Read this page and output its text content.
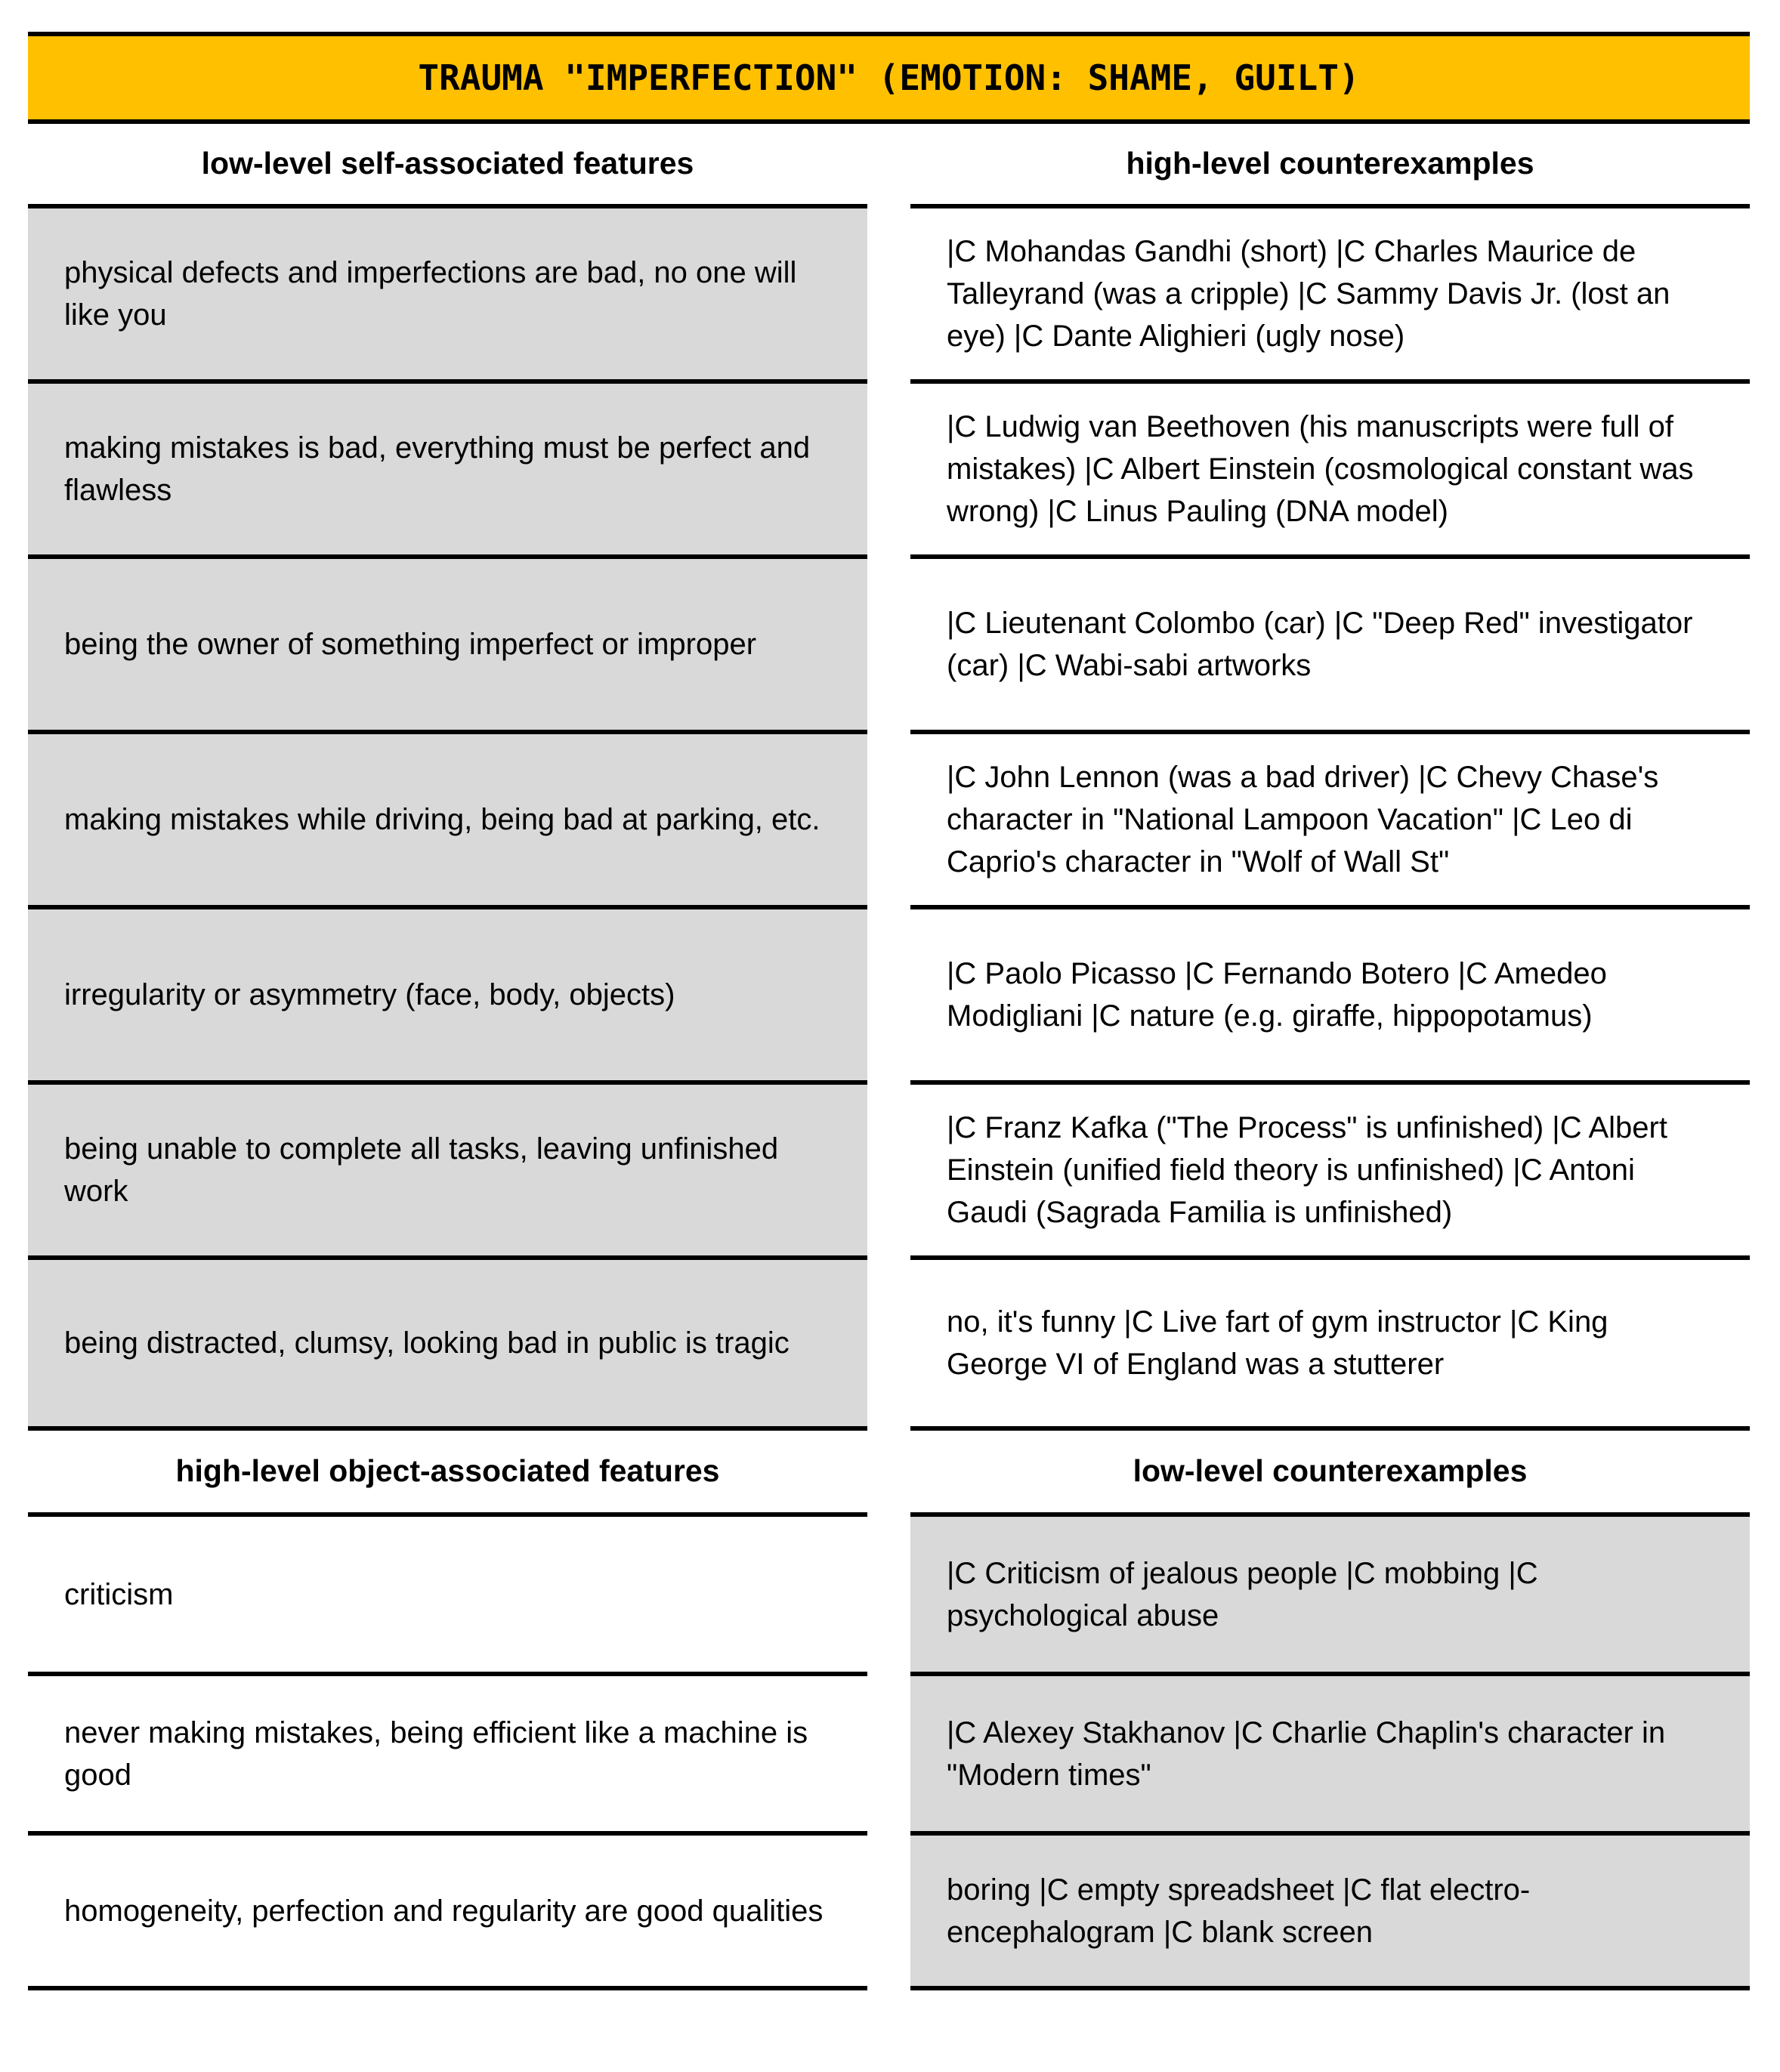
TRAUMA "IMPERFECTION" (EMOTION: SHAME, GUILT)
low-level self-associated features	high-level counterexamples
physical defects and imperfections are bad, no one will like you
|C Mohandas Gandhi (short) |C Charles Maurice de Talleyrand (was a cripple) |C Sammy Davis Jr. (lost an eye) |C Dante Alighieri (ugly nose)
making mistakes is bad, everything must be perfect and flawless
|C Ludwig van Beethoven (his manuscripts were full of mistakes) |C Albert Einstein (cosmological constant was wrong) |C Linus Pauling (DNA model)
being the owner of something imperfect or improper
|C Lieutenant Colombo (car) |C "Deep Red" investigator (car) |C Wabi-sabi artworks
making mistakes while driving, being bad at parking, etc.
|C John Lennon (was a bad driver) |C Chevy Chase's character in "National Lampoon Vacation" |C Leo di Caprio's character in "Wolf of Wall St"
irregularity or asymmetry (face, body, objects)
|C Paolo Picasso |C Fernando Botero |C Amedeo Modigliani |C nature (e.g. giraffe, hippopotamus)
being unable to complete all tasks, leaving unfinished work
|C Franz Kafka ("The Process" is unfinished) |C Albert Einstein (unified field theory is unfinished) |C Antoni Gaudi (Sagrada Familia is unfinished)
being distracted, clumsy, looking bad in public is tragic
no, it's funny |C Live fart of gym instructor |C King George VI of England was a stutterer
high-level object-associated features	low-level counterexamples
criticism
|C Criticism of jealous people |C mobbing |C psychological abuse
never making mistakes, being efficient like a machine is good
|C Alexey Stakhanov |C Charlie Chaplin's character in "Modern times"
homogeneity, perfection and regularity are good qualities
boring |C empty spreadsheet |C flat electro-encephalogram |C blank screen
